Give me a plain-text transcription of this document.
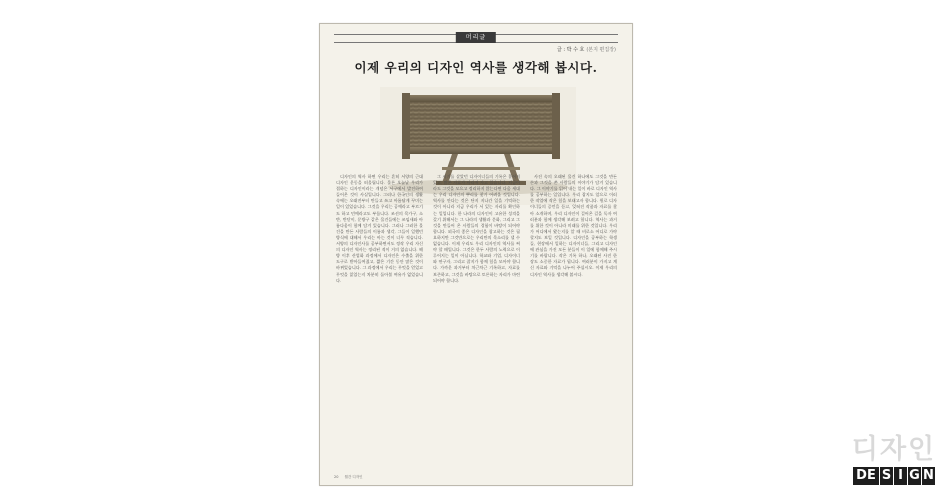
머리글
글 : 박 수 호 (본지 편집장)
이제 우리의 디자인 역사를 생각해 봅시다.

디자인의 역사 하면 우리는 흔히 서양의 근대 디자인 운동을 떠올립니다. 물론 오늘날 우리가 접하는 디자인이라는 개념은 서구에서 발전하여 들어온 것이 사실입니다. 그러나 한국인의 생활 속에는 오래전부터 만들고 쓰고 아름답게 꾸미는 일이 있었습니다. 그것을 우리는 공예라고 부르기도 하고 민예라고도 부릅니다. 조선의 목가구, 소반, 반닫이, 문방구 같은 물건들에는 쓰임새와 아름다움이 함께 담겨 있습니다. 그러나 그러한 물건을 만든 사람들의 이름과 생각, 그들이 일했던 방식에 대해서 우리는 아는 것이 너무 적습니다. 서양의 디자인사를 공부하면서도 정작 우리 자신의 디자인 역사는 정리된 적이 거의 없습니다. 해방 이후 산업화 과정에서 디자인은 수출을 위한 도구로 받아들여졌고, 짧은 기간 동안 많은 것이 바뀌었습니다. 그 과정에서 우리는 무엇을 얻었고 무엇을 잃었는지 차분히 돌아볼 여유가 없었습니다.

그 시기를 살았던 디자이너들의 기록은 흩어져 있고, 많은 자료가 사라져 가고 있습니다. 지금이라도 그것을 모으고 정리하지 않는다면 다음 세대는 우리 디자인의 뿌리를 찾기 어려울 것입니다. 역사를 안다는 것은 단지 지나간 일을 기억하는 것이 아니라 지금 우리가 서 있는 자리를 확인하는 일입니다. 한 나라의 디자인이 고유한 성격을 갖기 위해서는 그 나라의 생활과 문화, 그리고 그것을 만들어 온 사람들의 경험이 바탕이 되어야 합니다. 외국의 좋은 디자인을 참고하는 것은 필요하지만 그것만으로는 우리만의 목소리를 낼 수 없습니다. 이제 우리도 우리 디자인의 역사를 써야 할 때입니다. 그것은 한두 사람의 노력으로 이루어지는 일이 아닙니다. 학교와 기업, 디자이너와 연구자, 그리고 잡지가 함께 힘을 모아야 합니다. 가까운 과거부터 차근차근 기록하고, 자료를 보존하고, 그것을 바탕으로 토론하는 자리가 마련되어야 합니다.

사진 속의 오래된 물건 하나에도 그것을 만든 손과 그것을 쓴 사람들의 이야기가 담겨 있습니다. 그 이야기를 읽어 내는 일이 바로 디자인 역사를 공부하는 일입니다. 우리 잡지도 앞으로 이러한 작업에 작은 힘을 보태고자 합니다. 원로 디자이너들의 증언을 듣고, 잊혀진 작품과 자료를 찾아 소개하며, 우리 디자인이 걸어온 길을 독자 여러분과 함께 생각해 보려고 합니다. 역사는 과거를 위한 것이 아니라 미래를 위한 것입니다. 우리가 어디에서 왔는지를 알 때 비로소 어디로 가야 할지도 보일 것입니다. 디자인을 공부하는 학생들, 현장에서 일하는 디자이너들, 그리고 디자인에 관심을 가진 모든 분들이 이 일에 함께해 주시기를 바랍니다. 작은 기록 하나, 오래된 사진 한 장도 소중한 자료가 됩니다. 여러분이 가지고 계신 자료와 기억을 나누어 주십시오. 이제 우리의 디자인 역사를 생각해 봅시다.

20 월간 디자인
디자인
DE S I G N
